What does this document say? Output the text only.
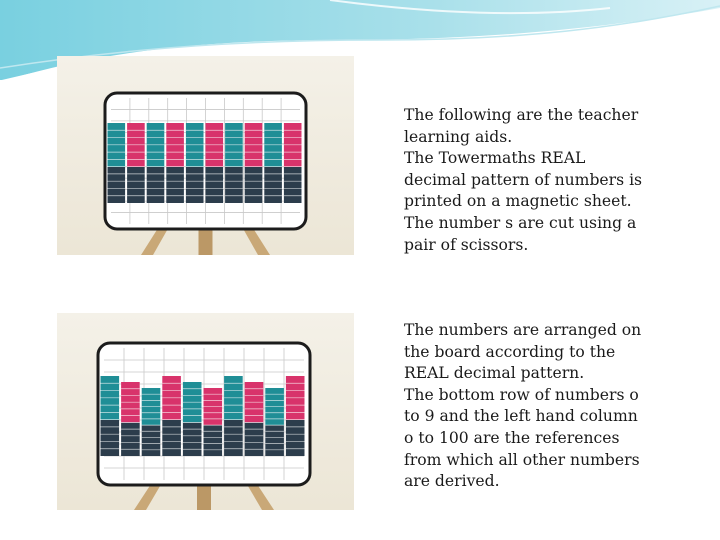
The following are the teacher
learning aids.
The Towermaths REAL
decimal pattern of numbers is
printed on a magnetic sheet.
The number s are cut using a
pair of scissors.
The numbers are arranged on
the board according to the
REAL decimal pattern.
The bottom row of numbers o
to 9 and the left hand column
o to 100 are the references
from which all other numbers
are derived.
